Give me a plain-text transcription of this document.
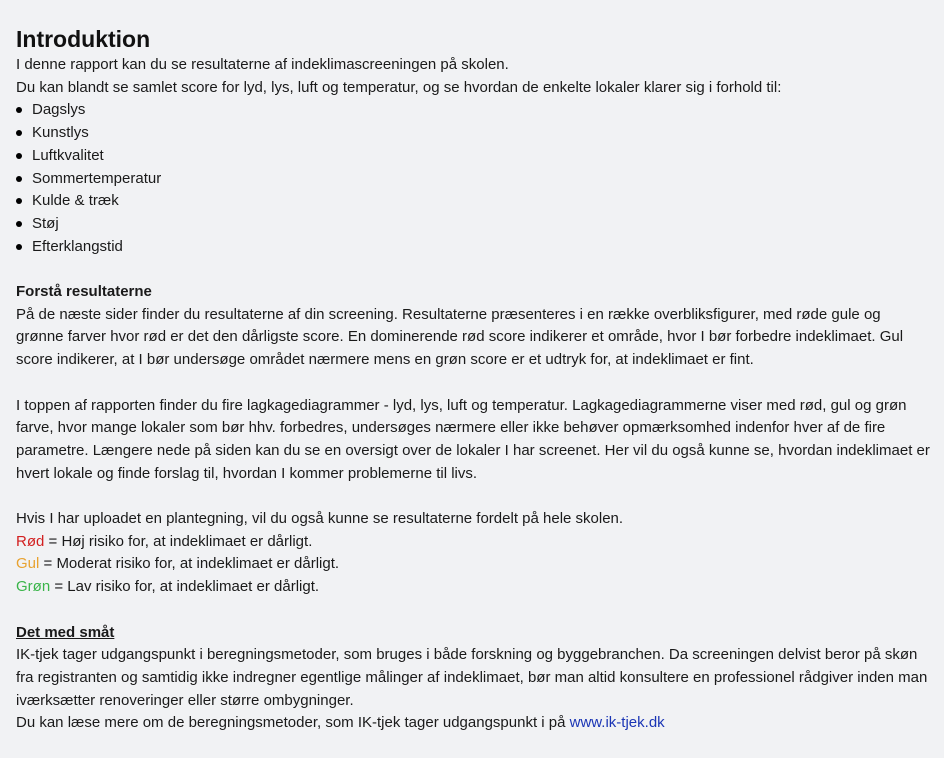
Introduktion

I denne rapport kan du se resultaterne af indeklimascreeningen på skolen.

Du kan blandt se samlet score for lyd, lys, luft og temperatur, og se hvordan de enkelte lokaler klarer sig i forhold til:

Dagslys
Kunstlys
Luftkvalitet
Sommertemperatur
Kulde & træk
Støj
Efterklangstid

Forstå resultaterne

På de næste sider finder du resultaterne af din screening. Resultaterne præsenteres i en række overbliksfigurer, med røde gule og grønne farver hvor rød er det den dårligste score. En dominerende rød score indikerer et område, hvor I bør forbedre indeklimaet. Gul score indikerer, at I bør undersøge området nærmere mens en grøn score er et udtryk for, at indeklimaet er fint.

I toppen af rapporten finder du fire lagkagediagrammer - lyd, lys, luft og temperatur. Lagkagediagrammerne viser med rød, gul og grøn farve, hvor mange lokaler som bør hhv. forbedres, undersøges nærmere eller ikke behøver opmærksomhed indenfor hver af de fire parametre. Længere nede på siden kan du se en oversigt over de lokaler I har screenet. Her vil du også kunne se, hvordan indeklimaet er hvert lokale og finde forslag til, hvordan I kommer problemerne til livs.

Hvis I har uploadet en plantegning, vil du også kunne se resultaterne fordelt på hele skolen.

Rød = Høj risiko for, at indeklimaet er dårligt.

Gul = Moderat risiko for, at indeklimaet er dårligt.

Grøn = Lav risiko for, at indeklimaet er dårligt.

Det med småt

IK-tjek tager udgangspunkt i beregningsmetoder, som bruges i både forskning og byggebranchen. Da screeningen delvist beror på skøn fra registranten og samtidig ikke indregner egentlige målinger af indeklimaet, bør man altid konsultere en professionel rådgiver inden man iværksætter renoveringer eller større ombygninger.

Du kan læse mere om de beregningsmetoder, som IK-tjek tager udgangspunkt i på www.ik-tjek.dk
